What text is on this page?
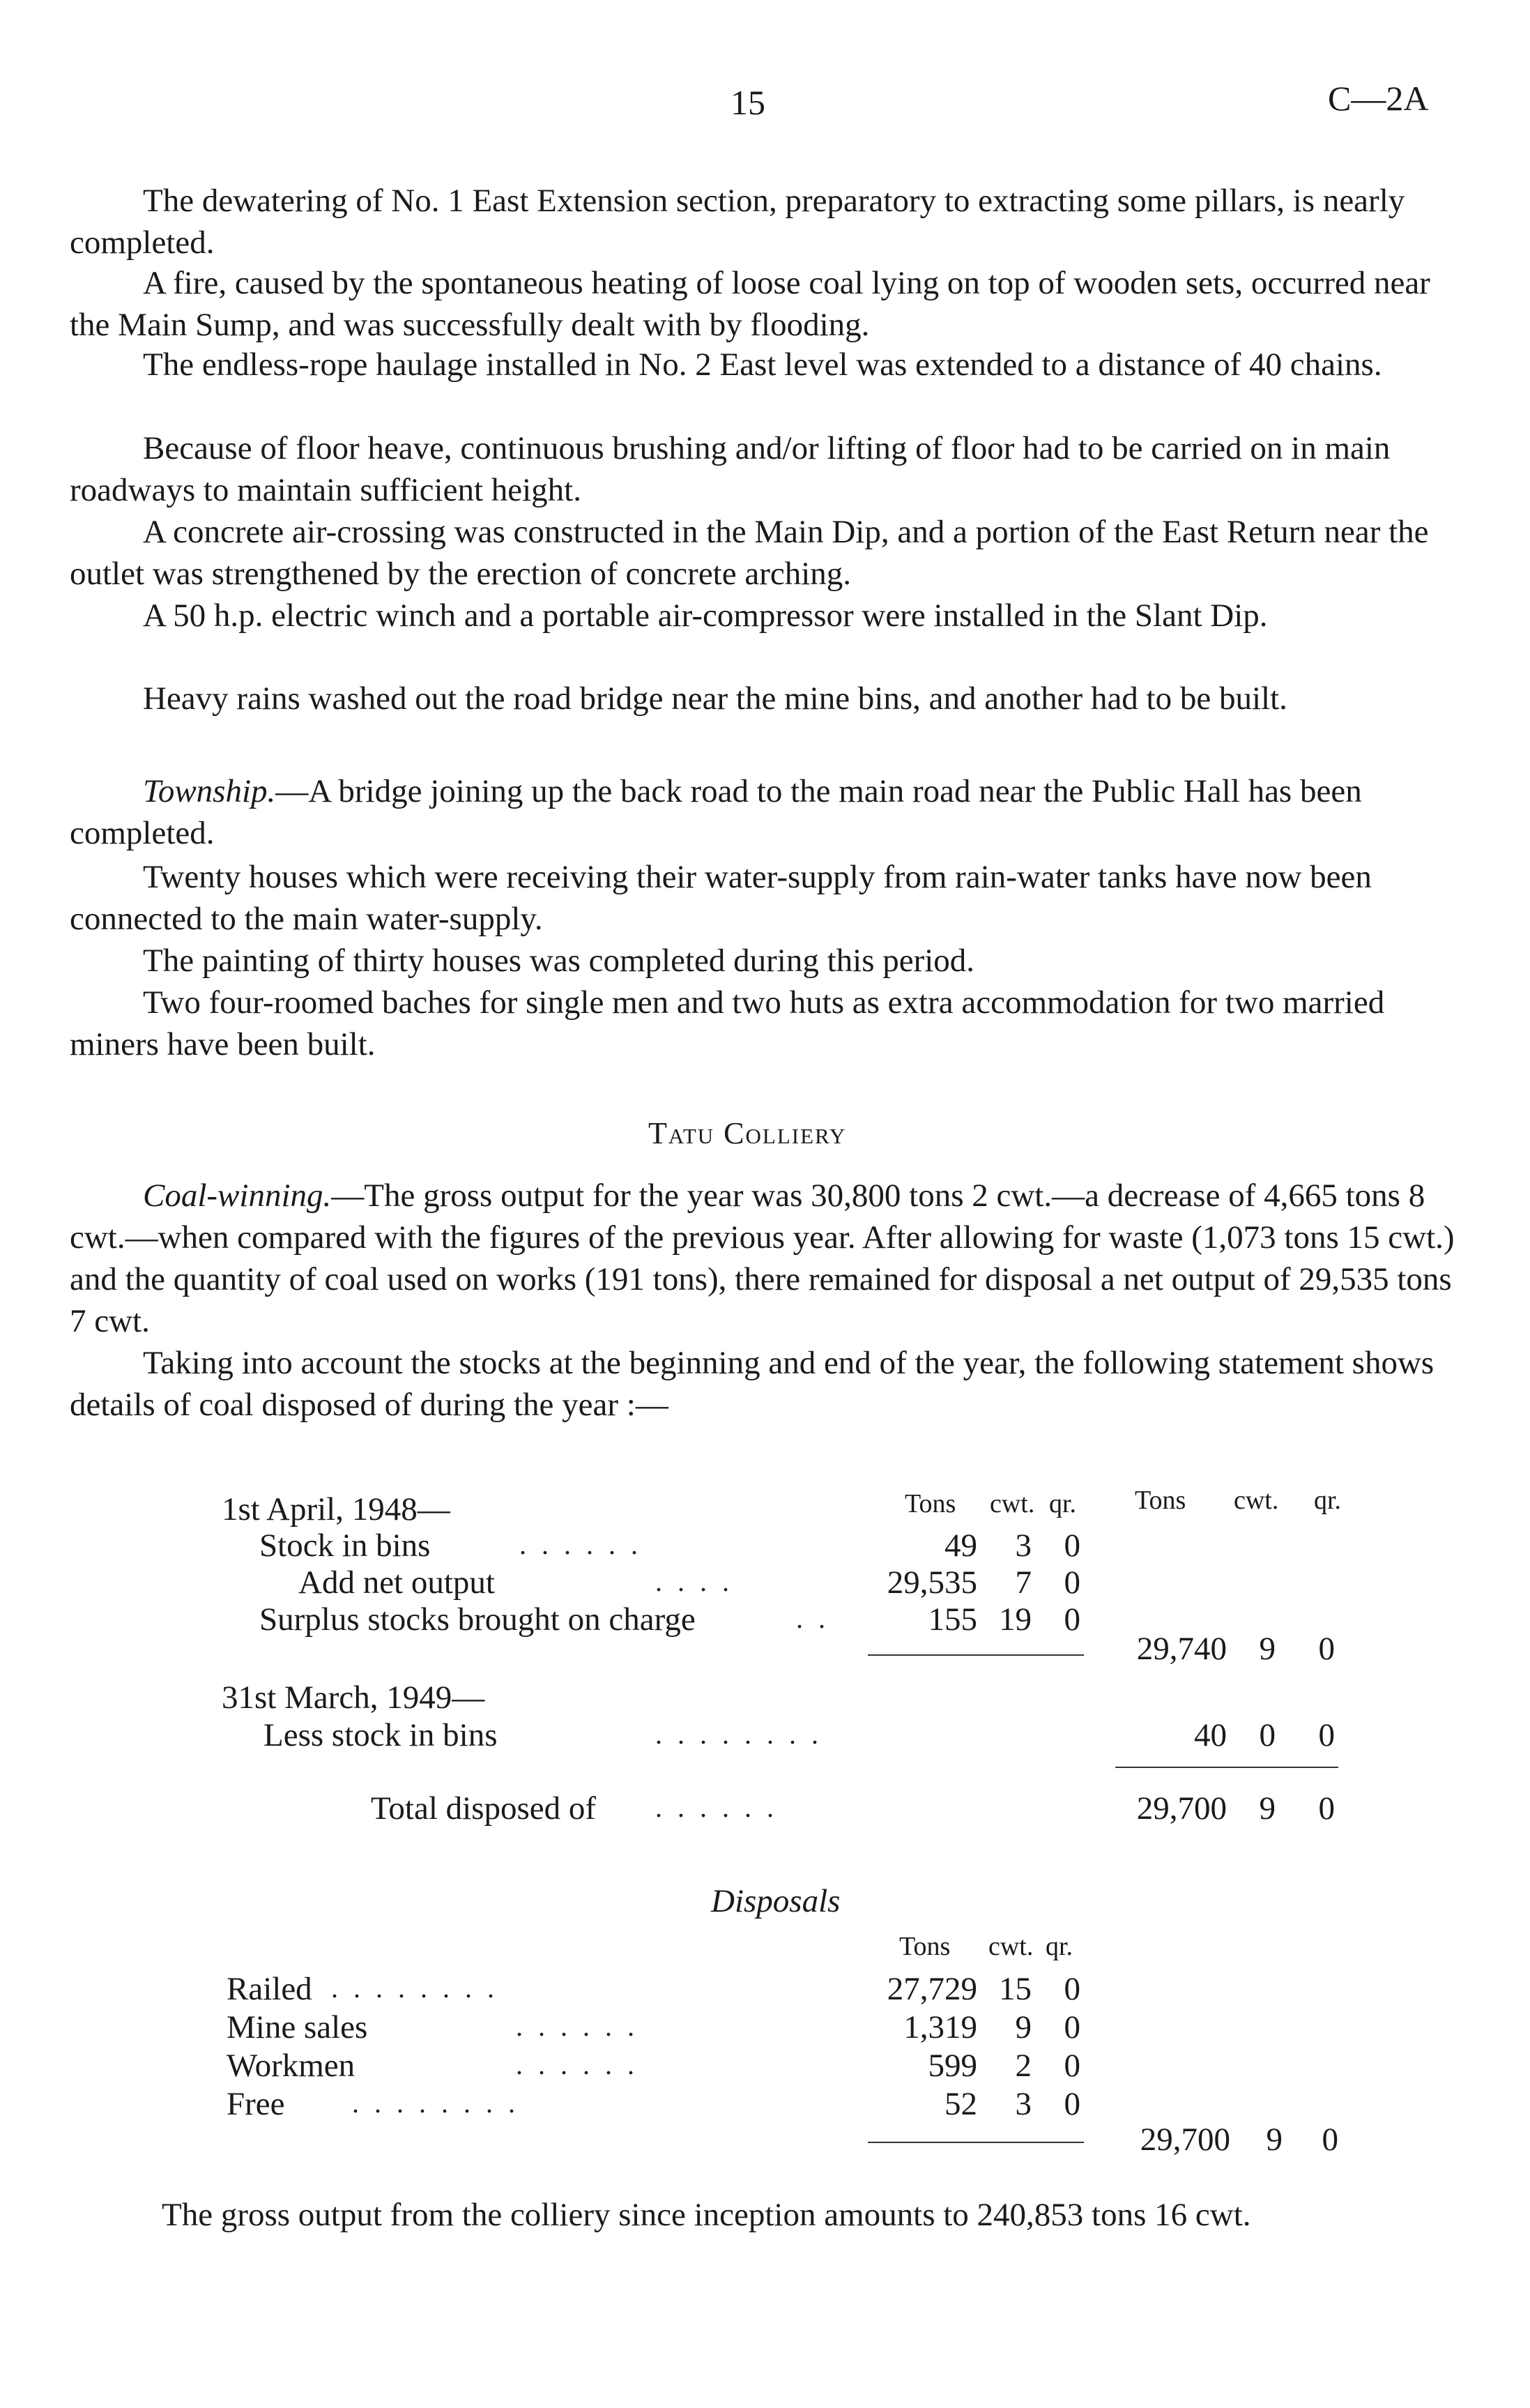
15	C—2A

The dewatering of No. 1 East Extension section, preparatory to extracting some pillars, is nearly completed.

A fire, caused by the spontaneous heating of loose coal lying on top of wooden sets, occurred near the Main Sump, and was successfully dealt with by flooding.

The endless-rope haulage installed in No. 2 East level was extended to a distance of 40 chains.

Because of floor heave, continuous brushing and/or lifting of floor had to be carried on in main roadways to maintain sufficient height.

A concrete air-crossing was constructed in the Main Dip, and a portion of the East Return near the outlet was strengthened by the erection of concrete arching.

A 50 h.p. electric winch and a portable air-compressor were installed in the Slant Dip.

Heavy rains washed out the road bridge near the mine bins, and another had to be built.

Township.—A bridge joining up the back road to the main road near the Public Hall has been completed.

Twenty houses which were receiving their water-supply from rain-water tanks have now been connected to the main water-supply.

The painting of thirty houses was completed during this period.

Two four-roomed baches for single men and two huts as extra accommodation for two married miners have been built.

Tatu Colliery

Coal-winning.—The gross output for the year was 30,800 tons 2 cwt.—a decrease of 4,665 tons 8 cwt.—when compared with the figures of the previous year. After allowing for waste (1,073 tons 15 cwt.) and the quantity of coal used on works (191 tons), there remained for disposal a net output of 29,535 tons 7 cwt.

Taking into account the stocks at the beginning and end of the year, the following statement shows details of coal disposed of during the year :—

Tons cwt. qr. Tons cwt. qr.
1st April, 1948—
Stock in bins	. . . . . .	49	3 0
Add net output	. . . .	29,535	7 0
Surplus stocks brought on charge	. .	155 19 0
29,740 9	0
31st March, 1949—
Less stock in bins	. . . . . . . .	40 0	0
Total disposed of . . . . . .	29,700 9	0
Disposals
Tons cwt. qr.
Railed . . . . . . . .	27,729 15 0
Mine sales	. . . . . .	1,319	9 0
Workmen	. . . . . .	599	2 0
Free . . . . . . . .	52	3 0
29,700	9	0
The gross output from the colliery since inception amounts to 240,853 tons 16 cwt.
